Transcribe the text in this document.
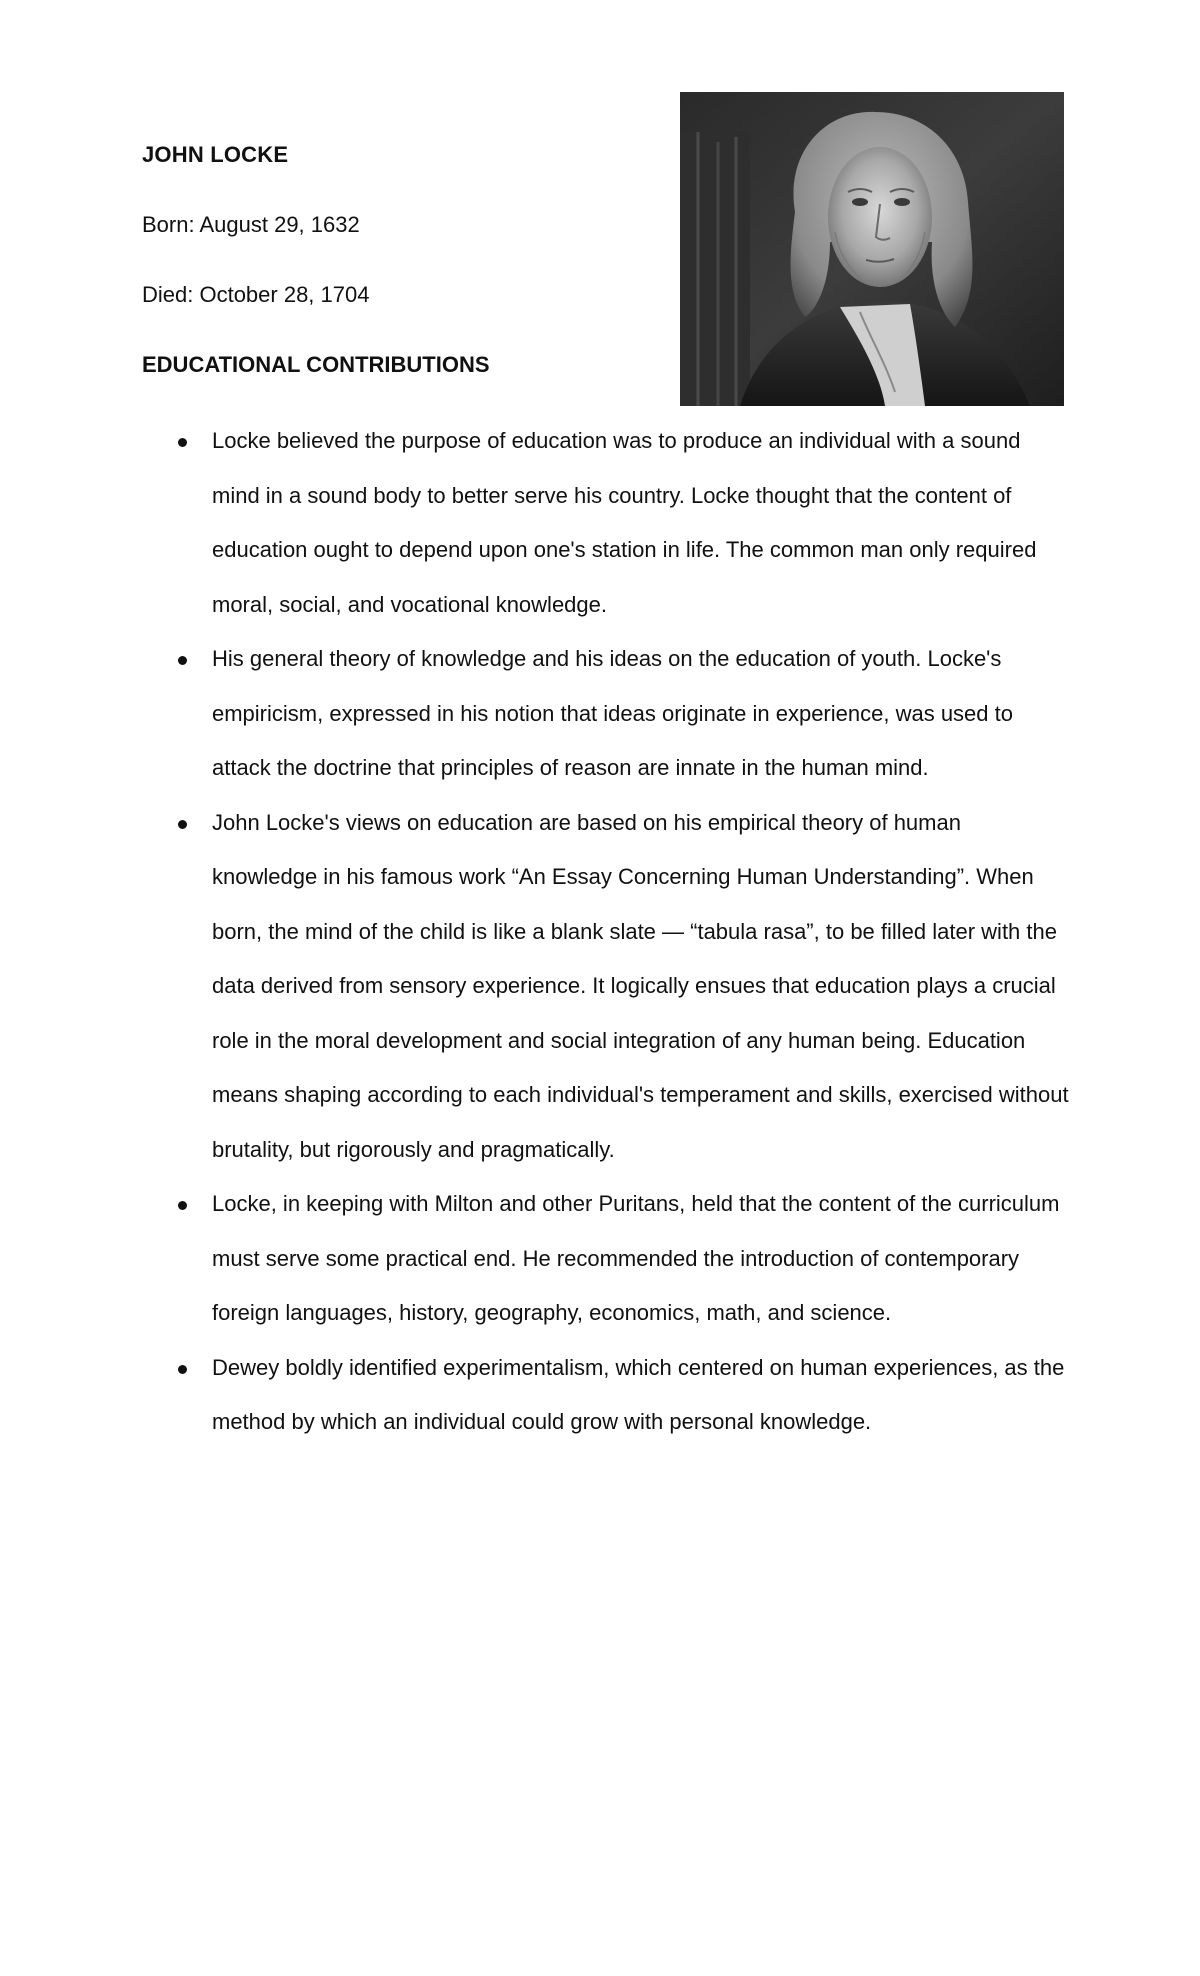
JOHN LOCKE

Born: August 29, 1632

Died: October 28, 1704

EDUCATIONAL CONTRIBUTIONS

Locke believed the purpose of education was to produce an individual with a sound mind in a sound body to better serve his country. Locke thought that the content of education ought to depend upon one's station in life. The common man only required moral, social, and vocational knowledge.
His general theory of knowledge and his ideas on the education of youth. Locke's empiricism, expressed in his notion that ideas originate in experience, was used to attack the doctrine that principles of reason are innate in the human mind.
John Locke's views on education are based on his empirical theory of human knowledge in his famous work “An Essay Concerning Human Understanding”. When born, the mind of the child is like a blank slate — “tabula rasa”, to be filled later with the data derived from sensory experience. It logically ensues that education plays a crucial role in the moral development and social integration of any human being. Education means shaping according to each individual's temperament and skills, exercised without brutality, but rigorously and pragmatically.
Locke, in keeping with Milton and other Puritans, held that the content of the curriculum must serve some practical end. He recommended the introduction of contemporary foreign languages, history, geography, economics, math, and science.
Dewey boldly identified experimentalism, which centered on human experiences, as the method by which an individual could grow with personal knowledge.
